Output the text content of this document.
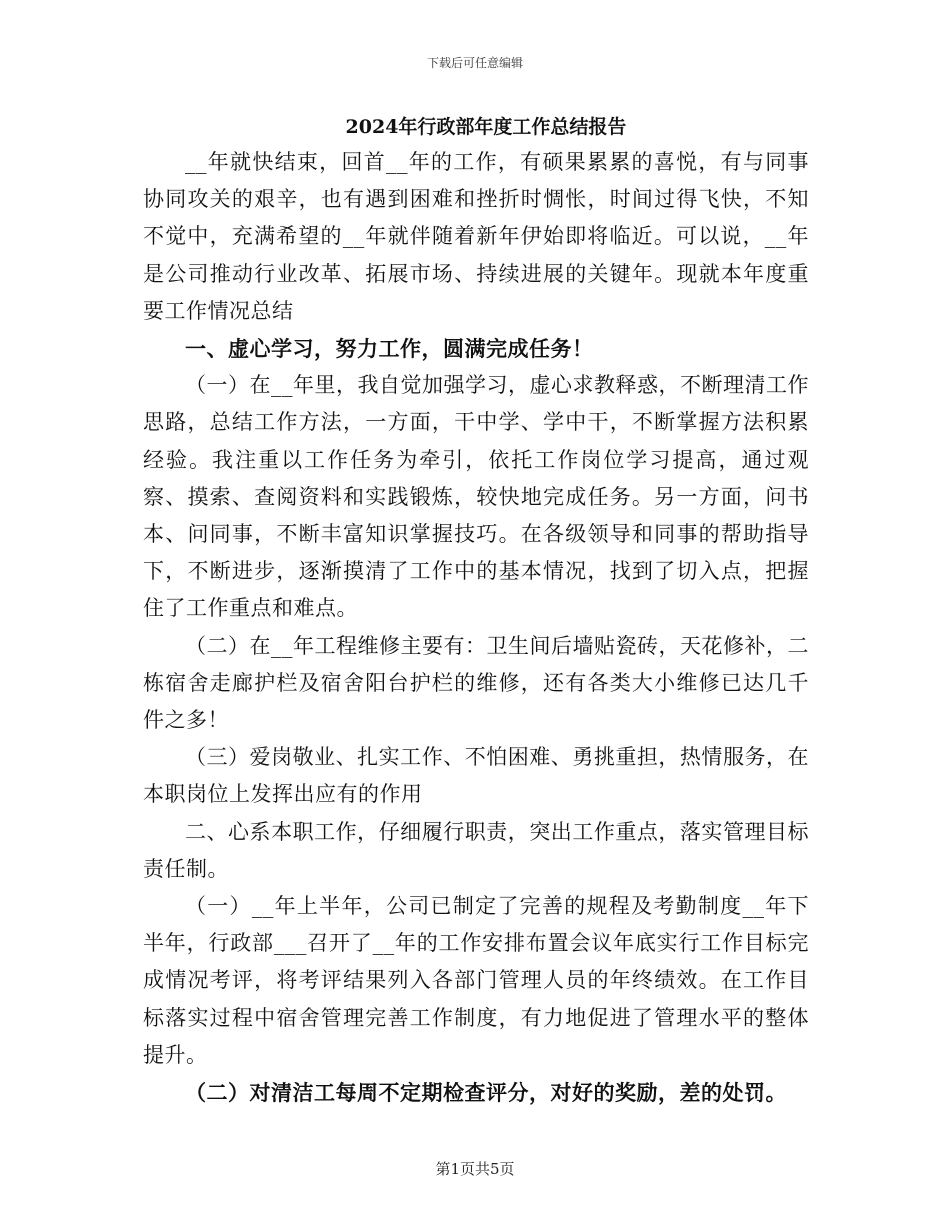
下载后可任意编辑
2024年行政部年度工作总结报告

__年就快结束，回首__年的工作，有硕果累累的喜悦，有与同事协同攻关的艰辛，也有遇到困难和挫折时惆怅，时间过得飞快，不知不觉中，充满希望的__年就伴随着新年伊始即将临近。可以说，__年是公司推动行业改革、拓展市场、持续进展的关键年。现就本年度重要工作情况总结

一、虚心学习，努力工作，圆满完成任务！

（一）在__年里，我自觉加强学习，虚心求教释惑，不断理清工作思路，总结工作方法，一方面，干中学、学中干，不断掌握方法积累经验。我注重以工作任务为牵引，依托工作岗位学习提高，通过观察、摸索、查阅资料和实践锻炼，较快地完成任务。另一方面，问书本、问同事，不断丰富知识掌握技巧。在各级领导和同事的帮助指导下，不断进步，逐渐摸清了工作中的基本情况，找到了切入点，把握住了工作重点和难点。

（二）在__年工程维修主要有：卫生间后墙贴瓷砖，天花修补，二栋宿舍走廊护栏及宿舍阳台护栏的维修，还有各类大小维修已达几千件之多！

（三）爱岗敬业、扎实工作、不怕困难、勇挑重担，热情服务，在本职岗位上发挥出应有的作用

二、心系本职工作，仔细履行职责，突出工作重点，落实管理目标责任制。

（一）__年上半年，公司已制定了完善的规程及考勤制度__年下半年，行政部___召开了__年的工作安排布置会议年底实行工作目标完成情况考评，将考评结果列入各部门管理人员的年终绩效。在工作目标落实过程中宿舍管理完善工作制度，有力地促进了管理水平的整体提升。

（二）对清洁工每周不定期检查评分，对好的奖励，差的处罚。

第1页共5页
